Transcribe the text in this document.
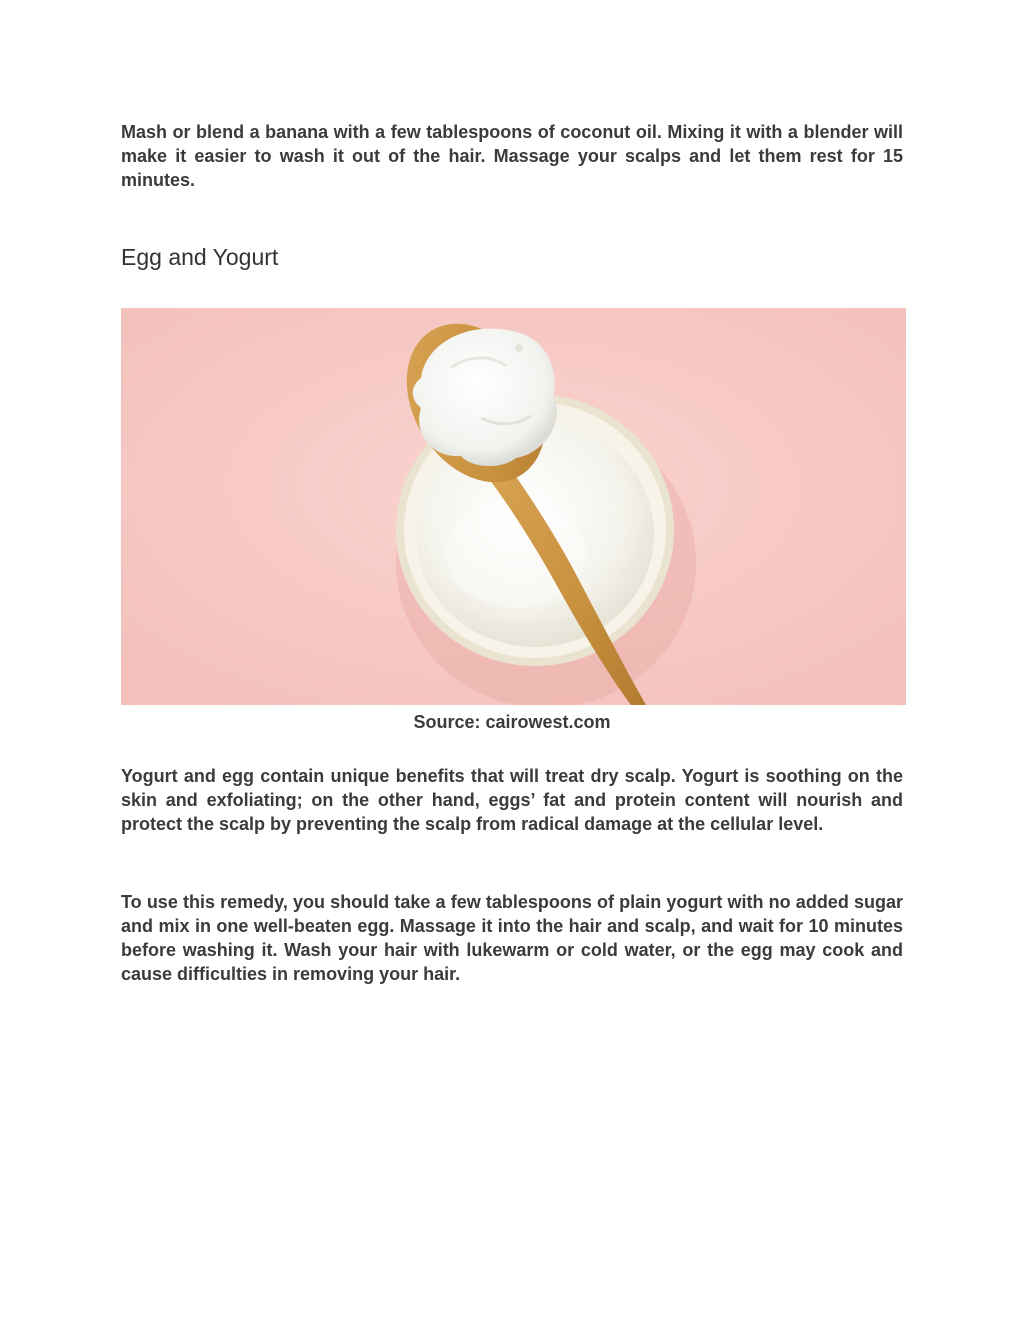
Mash or blend a banana with a few tablespoons of coconut oil. Mixing it with a blender will make it easier to wash it out of the hair. Massage your scalps and let them rest for 15 minutes.

Egg and Yogurt

Source: cairowest.com

Yogurt and egg contain unique benefits that will treat dry scalp. Yogurt is soothing on the skin and exfoliating; on the other hand, eggs’ fat and protein content will nourish and protect the scalp by preventing the scalp from radical damage at the cellular level.

To use this remedy, you should take a few tablespoons of plain yogurt with no added sugar and mix in one well-beaten egg. Massage it into the hair and scalp, and wait for 10 minutes before washing it. Wash your hair with lukewarm or cold water, or the egg may cook and cause difficulties in removing your hair.
